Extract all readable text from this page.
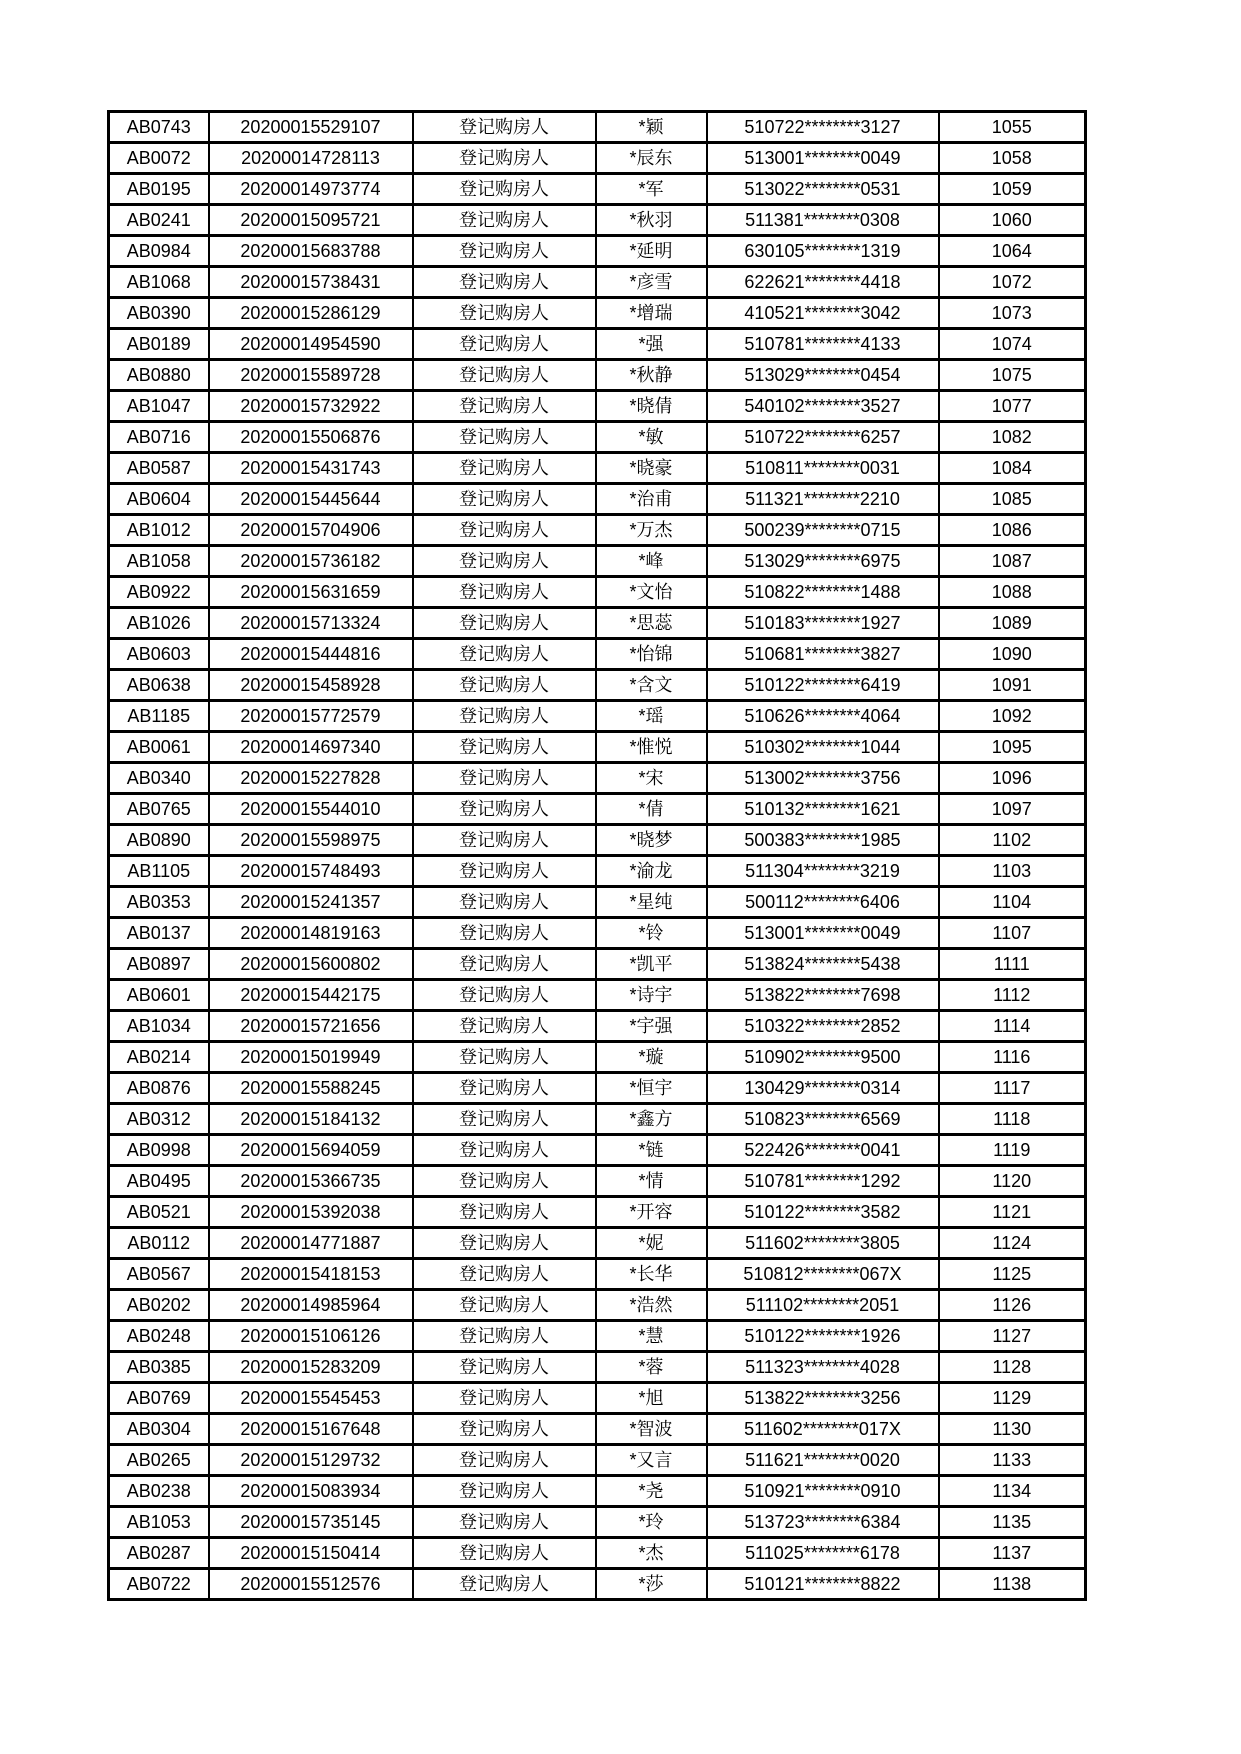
AB0743	20200015529107	登记购房人	*颖	510722********3127	1055
AB0072	20200014728113	登记购房人	*辰东	513001********0049	1058
AB0195	20200014973774	登记购房人	*军	513022********0531	1059
AB0241	20200015095721	登记购房人	*秋羽	511381********0308	1060
AB0984	20200015683788	登记购房人	*延明	630105********1319	1064
AB1068	20200015738431	登记购房人	*彦雪	622621********4418	1072
AB0390	20200015286129	登记购房人	*增瑞	410521********3042	1073
AB0189	20200014954590	登记购房人	*强	510781********4133	1074
AB0880	20200015589728	登记购房人	*秋静	513029********0454	1075
AB1047	20200015732922	登记购房人	*晓倩	540102********3527	1077
AB0716	20200015506876	登记购房人	*敏	510722********6257	1082
AB0587	20200015431743	登记购房人	*晓豪	510811********0031	1084
AB0604	20200015445644	登记购房人	*治甫	511321********2210	1085
AB1012	20200015704906	登记购房人	*万杰	500239********0715	1086
AB1058	20200015736182	登记购房人	*峰	513029********6975	1087
AB0922	20200015631659	登记购房人	*文怡	510822********1488	1088
AB1026	20200015713324	登记购房人	*思蕊	510183********1927	1089
AB0603	20200015444816	登记购房人	*怡锦	510681********3827	1090
AB0638	20200015458928	登记购房人	*含文	510122********6419	1091
AB1185	20200015772579	登记购房人	*瑶	510626********4064	1092
AB0061	20200014697340	登记购房人	*惟悦	510302********1044	1095
AB0340	20200015227828	登记购房人	*宋	513002********3756	1096
AB0765	20200015544010	登记购房人	*倩	510132********1621	1097
AB0890	20200015598975	登记购房人	*晓梦	500383********1985	1102
AB1105	20200015748493	登记购房人	*渝龙	511304********3219	1103
AB0353	20200015241357	登记购房人	*星纯	500112********6406	1104
AB0137	20200014819163	登记购房人	*铃	513001********0049	1107
AB0897	20200015600802	登记购房人	*凯平	513824********5438	1111
AB0601	20200015442175	登记购房人	*诗宇	513822********7698	1112
AB1034	20200015721656	登记购房人	*宇强	510322********2852	1114
AB0214	20200015019949	登记购房人	*璇	510902********9500	1116
AB0876	20200015588245	登记购房人	*恒宇	130429********0314	1117
AB0312	20200015184132	登记购房人	*鑫方	510823********6569	1118
AB0998	20200015694059	登记购房人	*链	522426********0041	1119
AB0495	20200015366735	登记购房人	*情	510781********1292	1120
AB0521	20200015392038	登记购房人	*开容	510122********3582	1121
AB0112	20200014771887	登记购房人	*妮	511602********3805	1124
AB0567	20200015418153	登记购房人	*长华	510812********067X	1125
AB0202	20200014985964	登记购房人	*浩然	511102********2051	1126
AB0248	20200015106126	登记购房人	*慧	510122********1926	1127
AB0385	20200015283209	登记购房人	*蓉	511323********4028	1128
AB0769	20200015545453	登记购房人	*旭	513822********3256	1129
AB0304	20200015167648	登记购房人	*智波	511602********017X	1130
AB0265	20200015129732	登记购房人	*又言	511621********0020	1133
AB0238	20200015083934	登记购房人	*尧	510921********0910	1134
AB1053	20200015735145	登记购房人	*玲	513723********6384	1135
AB0287	20200015150414	登记购房人	*杰	511025********6178	1137
AB0722	20200015512576	登记购房人	*莎	510121********8822	1138
